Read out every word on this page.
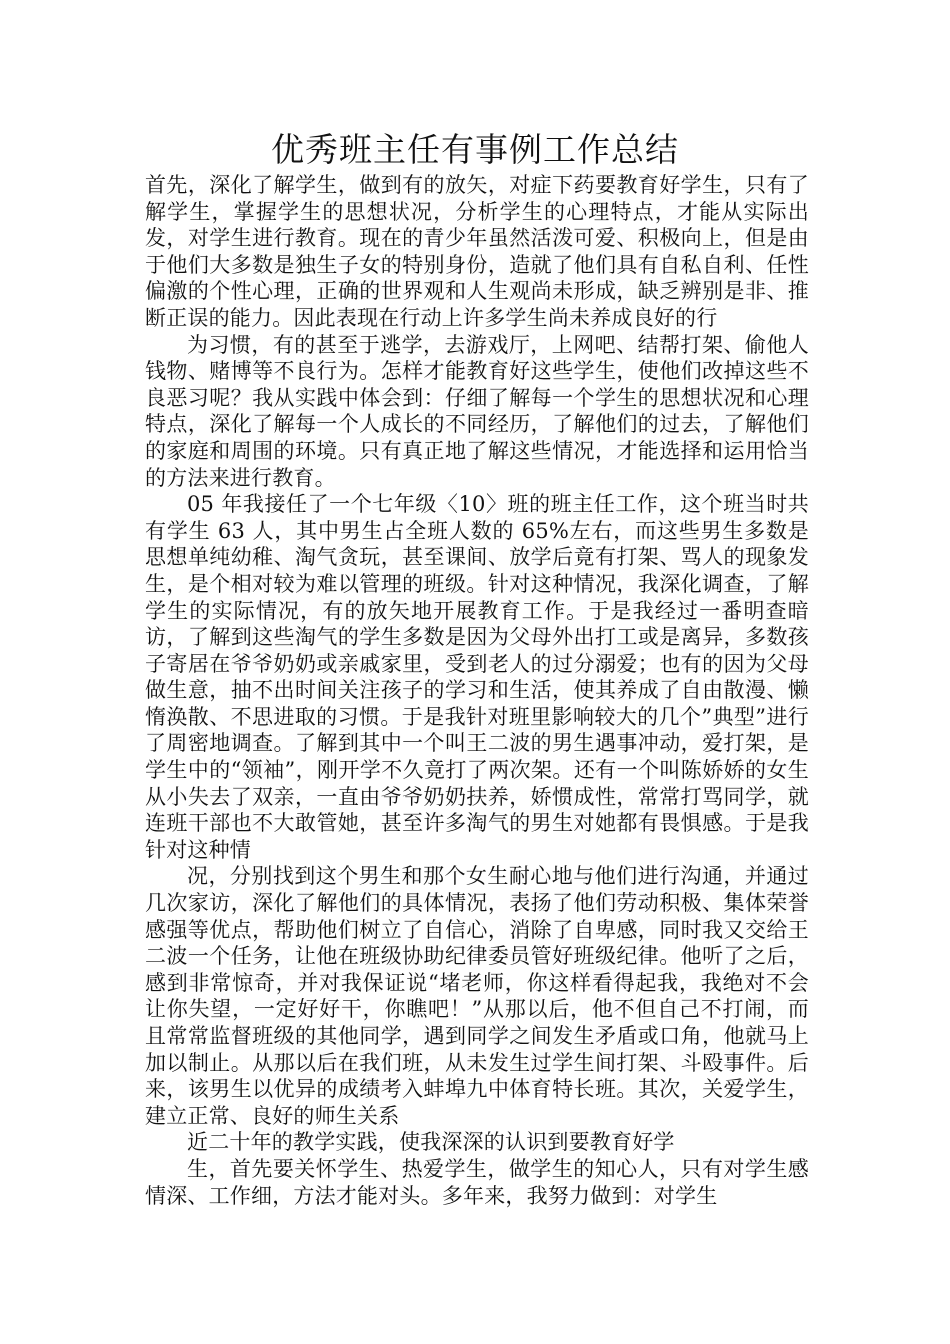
优秀班主任有事例工作总结

首先，深化了解学生，做到有的放矢，对症下药要教育好学生，只有了解学生，掌握学生的思想状况，分析学生的心理特点，才能从实际出发，对学生进行教育。现在的青少年虽然活泼可爱、积极向上，但是由于他们大多数是独生子女的特别身份，造就了他们具有自私自利、任性偏激的个性心理，正确的世界观和人生观尚未形成，缺乏辨别是非、推断正误的能力。因此表现在行动上许多学生尚未养成良好的行

为习惯，有的甚至于逃学，去游戏厅，上网吧、结帮打架、偷他人钱物、赌博等不良行为。怎样才能教育好这些学生，使他们改掉这些不良恶习呢？我从实践中体会到：仔细了解每一个学生的思想状况和心理特点，深化了解每一个人成长的不同经历，了解他们的过去，了解他们的家庭和周围的环境。只有真正地了解这些情况，才能选择和运用恰当的方法来进行教育。

05 年我接任了一个七年级〈10〉班的班主任工作，这个班当时共有学生 63 人，其中男生占全班人数的 65%左右，而这些男生多数是思想单纯幼稚、淘气贪玩，甚至课间、放学后竟有打架、骂人的现象发生，是个相对较为难以管理的班级。针对这种情况，我深化调查，了解学生的实际情况，有的放矢地开展教育工作。于是我经过一番明查暗访，了解到这些淘气的学生多数是因为父母外出打工或是离异，多数孩子寄居在爷爷奶奶或亲戚家里，受到老人的过分溺爱；也有的因为父母做生意，抽不出时间关注孩子的学习和生活，使其养成了自由散漫、懒惰涣散、不思进取的习惯。于是我针对班里影响较大的几个”典型”进行了周密地调查。了解到其中一个叫王二波的男生遇事冲动，爱打架，是学生中的“领袖”，刚开学不久竟打了两次架。还有一个叫陈娇娇的女生从小失去了双亲，一直由爷爷奶奶扶养，娇惯成性，常常打骂同学，就连班干部也不大敢管她，甚至许多淘气的男生对她都有畏惧感。于是我针对这种情

况，分别找到这个男生和那个女生耐心地与他们进行沟通，并通过几次家访，深化了解他们的具体情况，表扬了他们劳动积极、集体荣誉感强等优点，帮助他们树立了自信心，消除了自卑感，同时我又交给王二波一个任务，让他在班级协助纪律委员管好班级纪律。他听了之后，感到非常惊奇，并对我保证说“堵老师，你这样看得起我，我绝对不会让你失望，一定好好干，你瞧吧！”从那以后，他不但自己不打闹，而且常常监督班级的其他同学，遇到同学之间发生矛盾或口角，他就马上加以制止。从那以后在我们班，从未发生过学生间打架、斗殴事件。后来，该男生以优异的成绩考入蚌埠九中体育特长班。其次，关爱学生，建立正常、良好的师生关系

近二十年的教学实践，使我深深的认识到要教育好学

生，首先要关怀学生、热爱学生，做学生的知心人，只有对学生感情深、工作细，方法才能对头。多年来，我努力做到：对学生
